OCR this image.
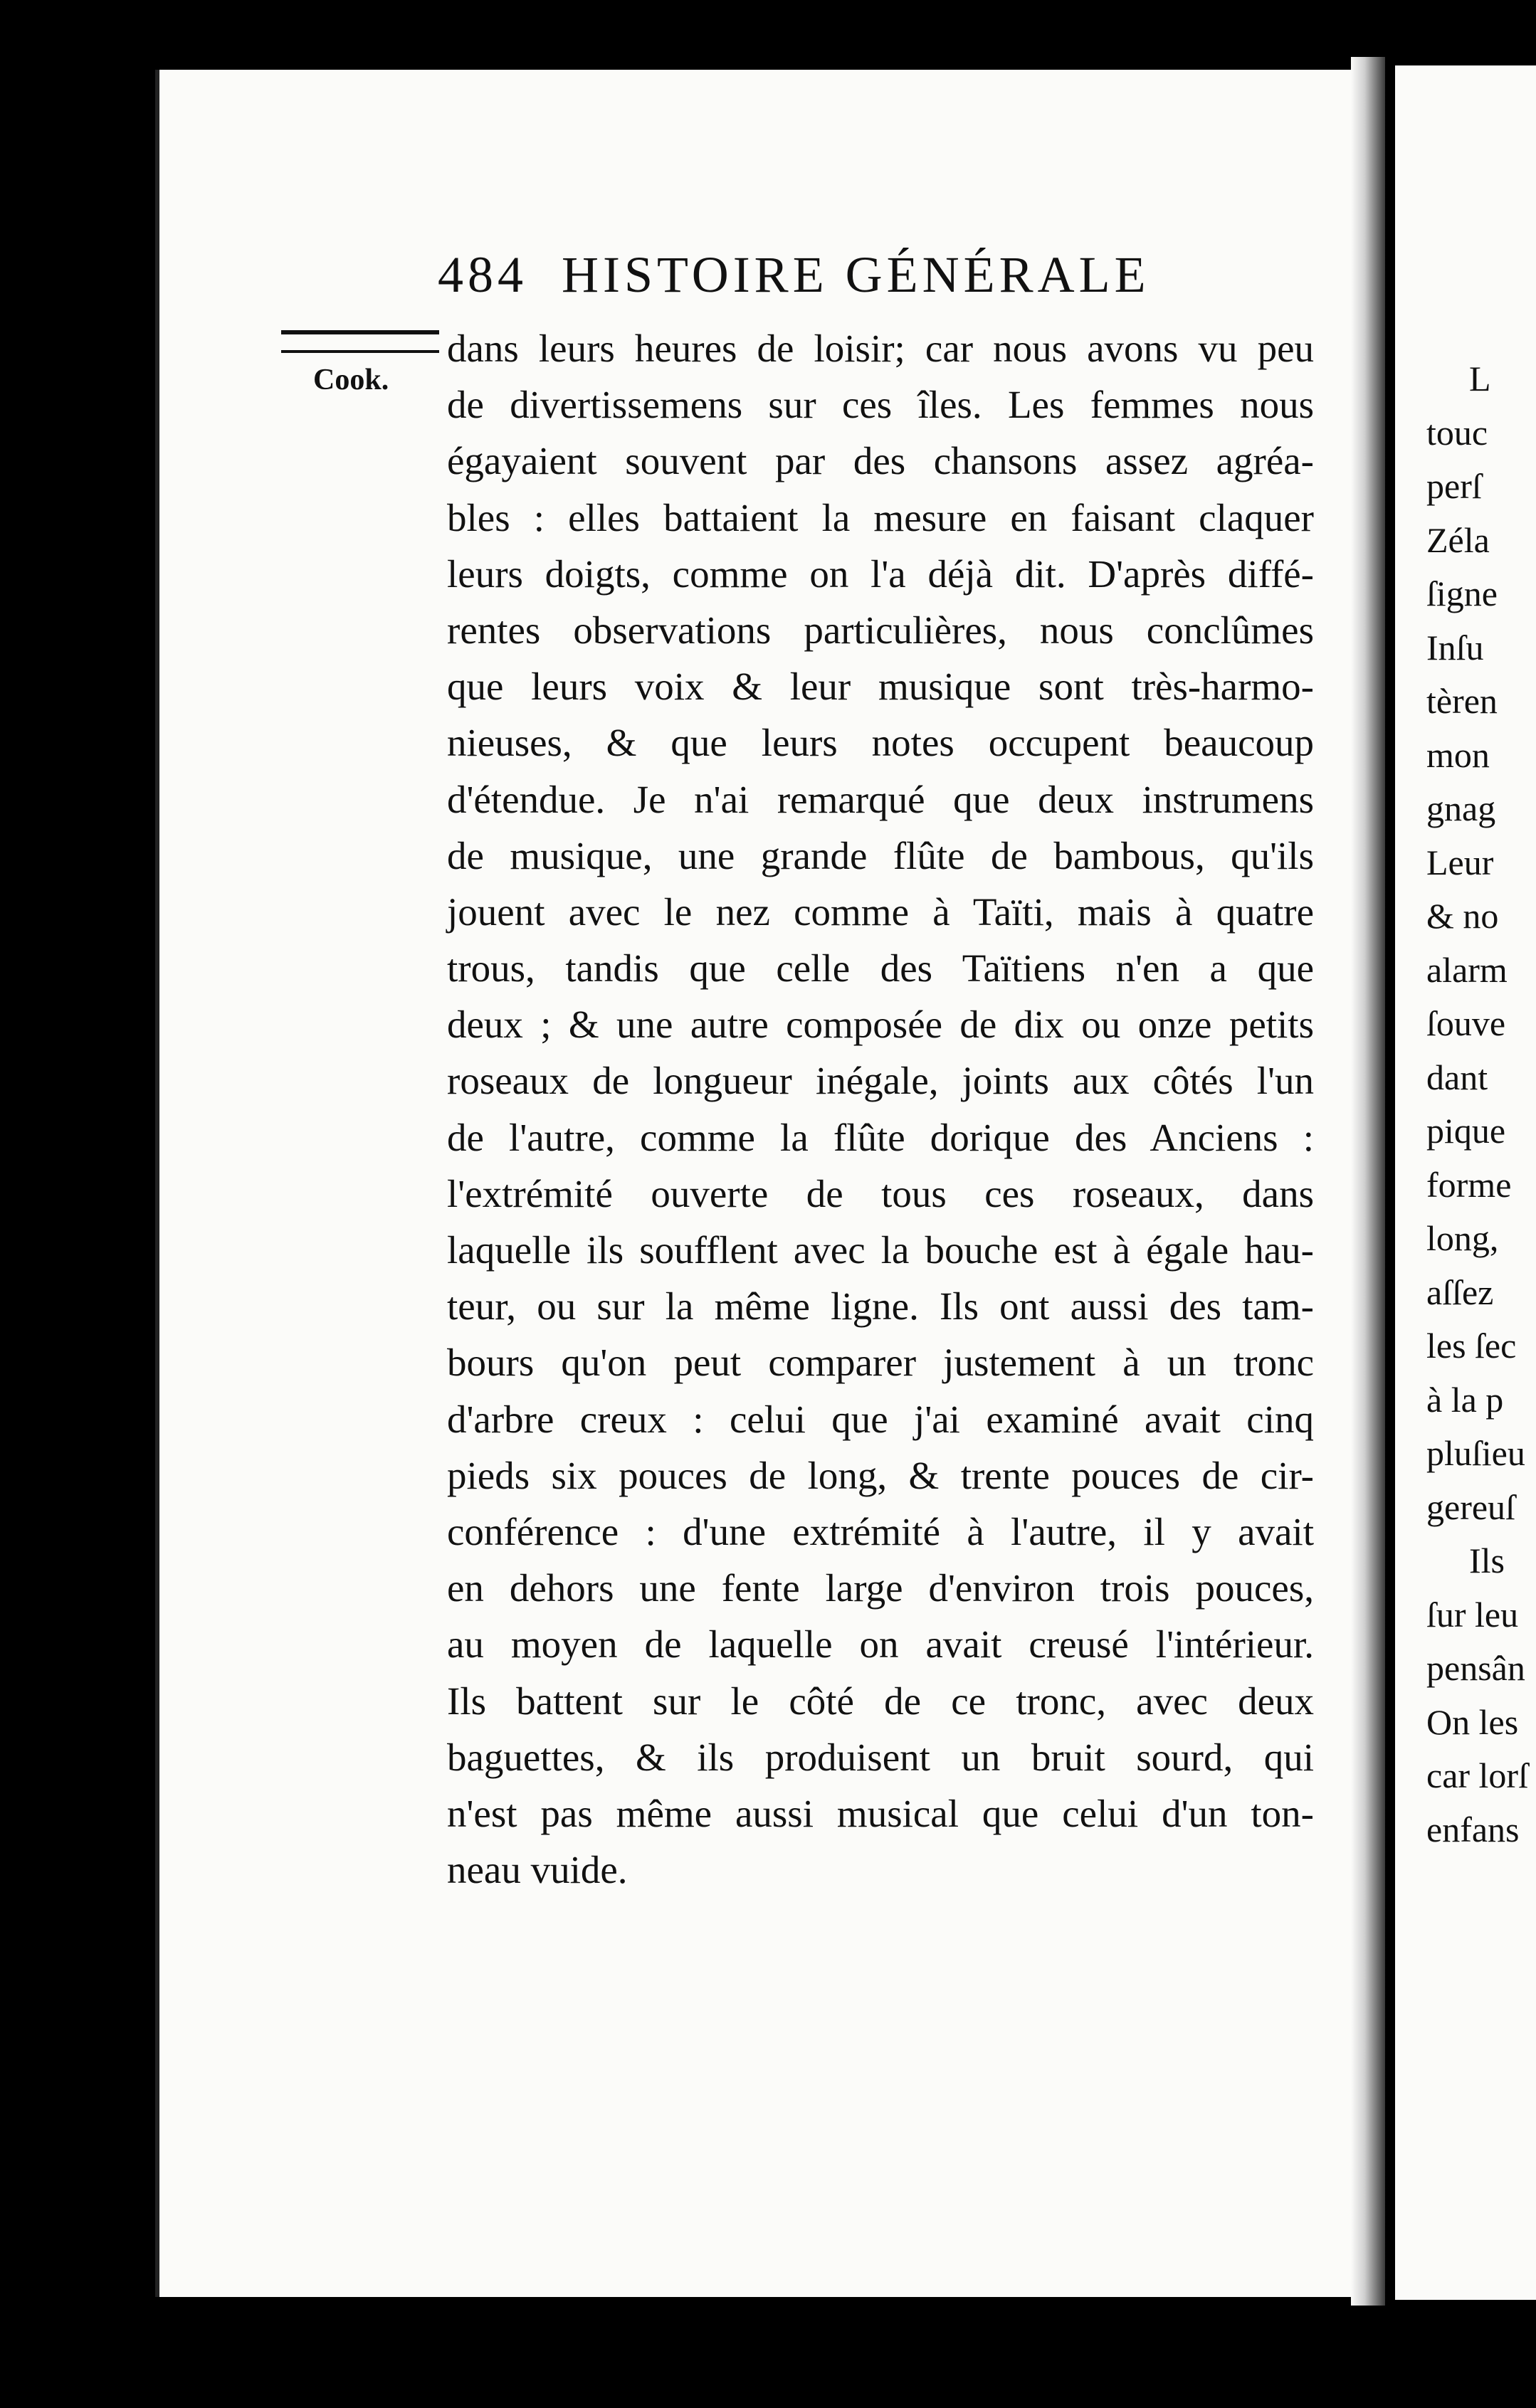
484 HISTOIRE GÉNÉRALE
Cook.
dans leurs heures de loisir; car nous avons vu peu
de divertissemens sur ces îles. Les femmes nous
égayaient souvent par des chansons assez agréa-
bles : elles battaient la mesure en faisant claquer
leurs doigts, comme on l'a déjà dit. D'après diffé-
rentes observations particulières, nous conclûmes
que leurs voix & leur musique sont très-harmo-
nieuses, & que leurs notes occupent beaucoup
d'étendue. Je n'ai remarqué que deux instrumens
de musique, une grande flûte de bambous, qu'ils
jouent avec le nez comme à Taïti, mais à quatre
trous, tandis que celle des Taïtiens n'en a que
deux ; & une autre composée de dix ou onze petits
roseaux de longueur inégale, joints aux côtés l'un
de l'autre, comme la flûte dorique des Anciens :
l'extrémité ouverte de tous ces roseaux, dans
laquelle ils soufflent avec la bouche est à égale hau-
teur, ou sur la même ligne. Ils ont aussi des tam-
bours qu'on peut comparer justement à un tronc
d'arbre creux : celui que j'ai examiné avait cinq
pieds six pouces de long, & trente pouces de cir-
conférence : d'une extrémité à l'autre, il y avait
en dehors une fente large d'environ trois pouces,
au moyen de laquelle on avait creusé l'intérieur.
Ils battent sur le côté de ce tronc, avec deux
baguettes, & ils produisent un bruit sourd, qui
n'est pas même aussi musical que celui d'un ton-
neau vuide.
L
touc
perſ
Zéla
ſigne
Inſu
tèren
mon
gnag
Leur
& no
alarm
ſouve
dant
pique
forme
long,
aſſez
les ſec
à la p
pluſieu
gereuſ
Ils
ſur leu
pensân
On les
car lorſ
enfans
